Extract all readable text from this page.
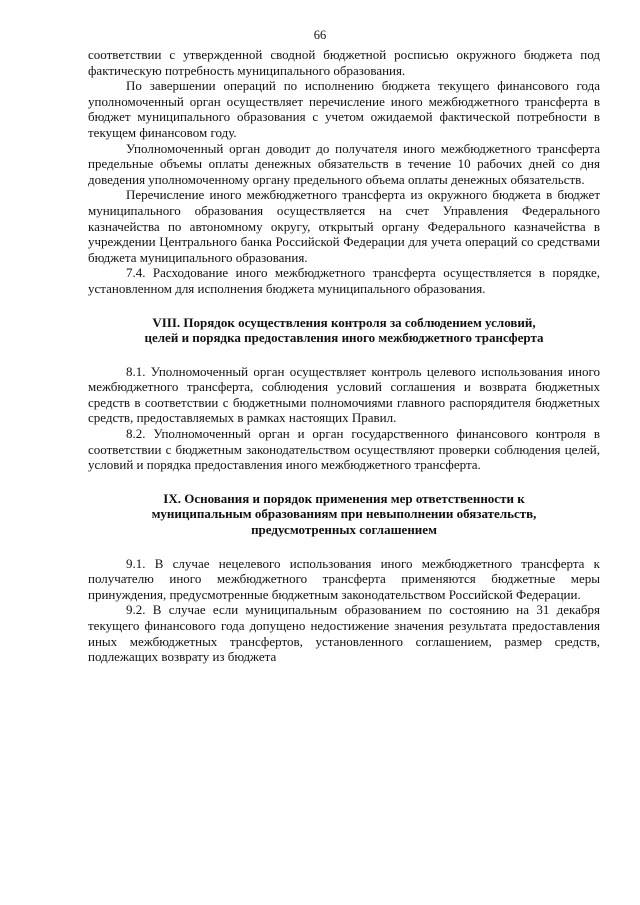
66

соответствии с утвержденной сводной бюджетной росписью окружного бюджета под фактическую потребность муниципального образования.

По завершении операций по исполнению бюджета текущего финансового года уполномоченный орган осуществляет перечисление иного межбюджетного трансферта в бюджет муниципального образования с учетом ожидаемой фактической потребности в текущем финансовом году.

Уполномоченный орган доводит до получателя иного межбюджетного трансферта предельные объемы оплаты денежных обязательств в течение 10 рабочих дней со дня доведения уполномоченному органу предельного объема оплаты денежных обязательств.

Перечисление иного межбюджетного трансферта из окружного бюджета в бюджет муниципального образования осуществляется на счет Управления Федерального казначейства по автономному округу, открытый органу Федерального казначейства в учреждении Центрального банка Российской Федерации для учета операций со средствами бюджета муниципального образования.

7.4. Расходование иного межбюджетного трансферта осуществляется в порядке, установленном для исполнения бюджета муниципального образования.

VIII. Порядок осуществления контроля за соблюдением условий,
целей и порядка предоставления иного межбюджетного трансферта

8.1. Уполномоченный орган осуществляет контроль целевого использования иного межбюджетного трансферта, соблюдения условий соглашения и возврата бюджетных средств в соответствии с бюджетными полномочиями главного распорядителя бюджетных средств, предоставляемых в рамках настоящих Правил.

8.2. Уполномоченный орган и орган государственного финансового контроля в соответствии с бюджетным законодательством осуществляют проверки соблюдения целей, условий и порядка предоставления иного межбюджетного трансферта.

IX. Основания и порядок применения мер ответственности к
муниципальным образованиям при невыполнении обязательств,
предусмотренных соглашением

9.1. В случае нецелевого использования иного межбюджетного трансферта к получателю иного межбюджетного трансферта применяются бюджетные меры принуждения, предусмотренные бюджетным законодательством Российской Федерации.

9.2. В случае если муниципальным образованием по состоянию на 31 декабря текущего финансового года допущено недостижение значения результата предоставления иных межбюджетных трансфертов, установленного соглашением, размер средств, подлежащих возврату из бюджета
